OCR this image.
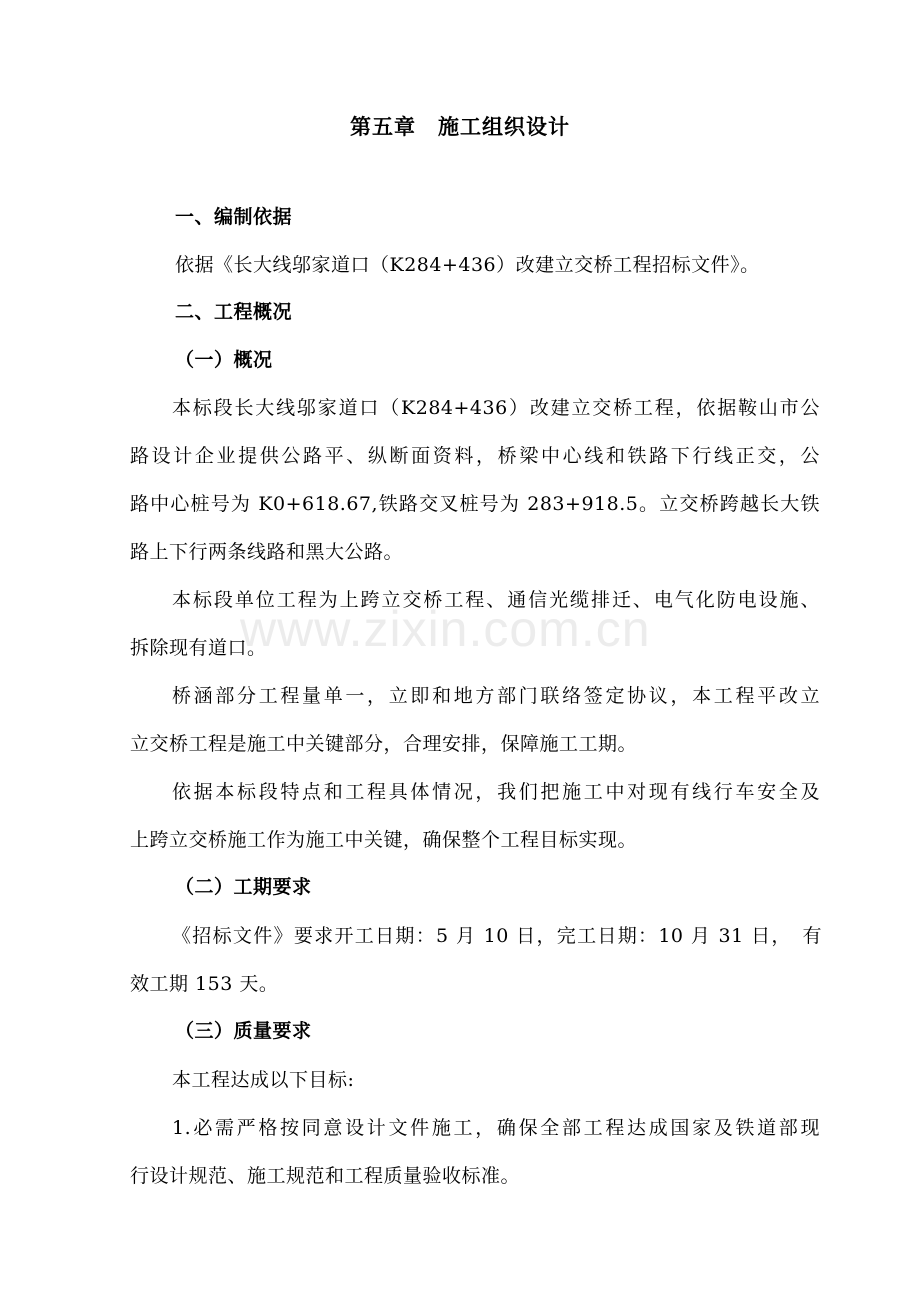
www.zixin.com.cn
第五章　施工组织设计
一、编制依据
依据《长大线邬家道口（K284+436）改建立交桥工程招标文件》。
二、工程概况
（一）概况
本标段长大线邬家道口（K284+436）改建立交桥工程，依据鞍山市公
路设计企业提供公路平、纵断面资料，桥梁中心线和铁路下行线正交，公
路中心桩号为 K0+618.67,铁路交叉桩号为 283+918.5。立交桥跨越长大铁
路上下行两条线路和黑大公路。
本标段单位工程为上跨立交桥工程、通信光缆排迁、电气化防电设施、
拆除现有道口。
桥涵部分工程量单一，立即和地方部门联络签定协议，本工程平改立
立交桥工程是施工中关键部分，合理安排，保障施工工期。
依据本标段特点和工程具体情况，我们把施工中对现有线行车安全及
上跨立交桥施工作为施工中关键，确保整个工程目标实现。
（二）工期要求
《招标文件》要求开工日期：5 月 10 日，完工日期：10 月 31 日，　有
效工期 153 天。
（三）质量要求
本工程达成以下目标:
1.必需严格按同意设计文件施工，确保全部工程达成国家及铁道部现
行设计规范、施工规范和工程质量验收标准。
